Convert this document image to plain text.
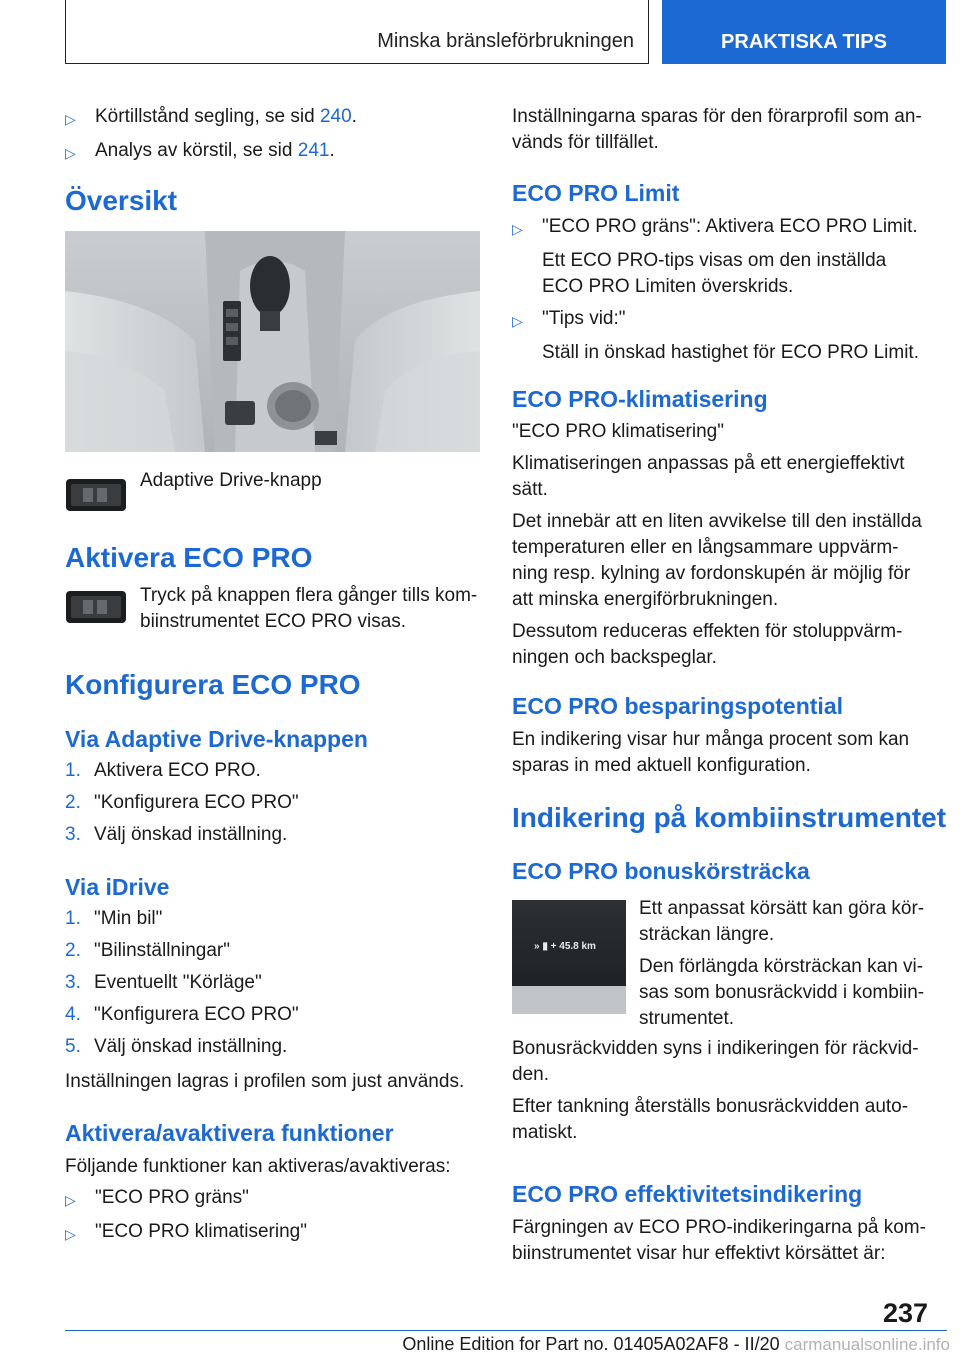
Minska bränsleförbrukningen	PRAKTISKA TIPS
▷	Körtillstånd segling, se sid 240.
▷	Analys av körstil, se sid 241.
Översikt
Adaptive Drive-knapp
Aktivera ECO PRO
Tryck på knappen flera gånger tills kom-
biinstrumentet ECO PRO visas.
Konfigurera ECO PRO
Via Adaptive Drive-knappen
1. Aktivera ECO PRO.
2. "Konfigurera ECO PRO"
3. Välj önskad inställning.
Via iDrive
1. "Min bil"
2. "Bilinställningar"
3. Eventuellt "Körläge"
4. "Konfigurera ECO PRO"
5. Välj önskad inställning.
Inställningen lagras i profilen som just används.
Aktivera/avaktivera funktioner
Följande funktioner kan aktiveras/avaktiveras:
▷	"ECO PRO gräns"
▷	"ECO PRO klimatisering"
Inställningarna sparas för den förarprofil som an-
vänds för tillfället.
ECO PRO Limit
▷	"ECO PRO gräns": Aktivera ECO PRO Limit.
Ett ECO PRO-tips visas om den inställda
ECO PRO Limiten överskrids.
▷	"Tips vid:"
Ställ in önskad hastighet för ECO PRO Limit.
ECO PRO-klimatisering
"ECO PRO klimatisering"
Klimatiseringen anpassas på ett energieffektivt
sätt.
Det innebär att en liten avvikelse till den inställda
temperaturen eller en långsammare uppvärm-
ning resp. kylning av fordonskupén är möjlig för
att minska energiförbrukningen.
Dessutom reduceras effekten för stoluppvärm-
ningen och backspeglar.
ECO PRO besparingspotential
En indikering visar hur många procent som kan
sparas in med aktuell konfiguration.
Indikering på kombiinstrumentet
ECO PRO bonuskörsträcka
» ▮ + 45.8 km
Ett anpassat körsätt kan göra kör-
sträckan längre.
Den förlängda körsträckan kan vi-
sas som bonusräckvidd i kombiin-
strumentet.
Bonusräckvidden syns i indikeringen för räckvid-
den.
Efter tankning återställs bonusräckvidden auto-
matiskt.
ECO PRO effektivitetsindikering
Färgningen av ECO PRO-indikeringarna på kom-
biinstrumentet visar hur effektivt körsättet är:
237
Online Edition for Part no. 01405A02AF8 - II/20 carmanualsonline.info
